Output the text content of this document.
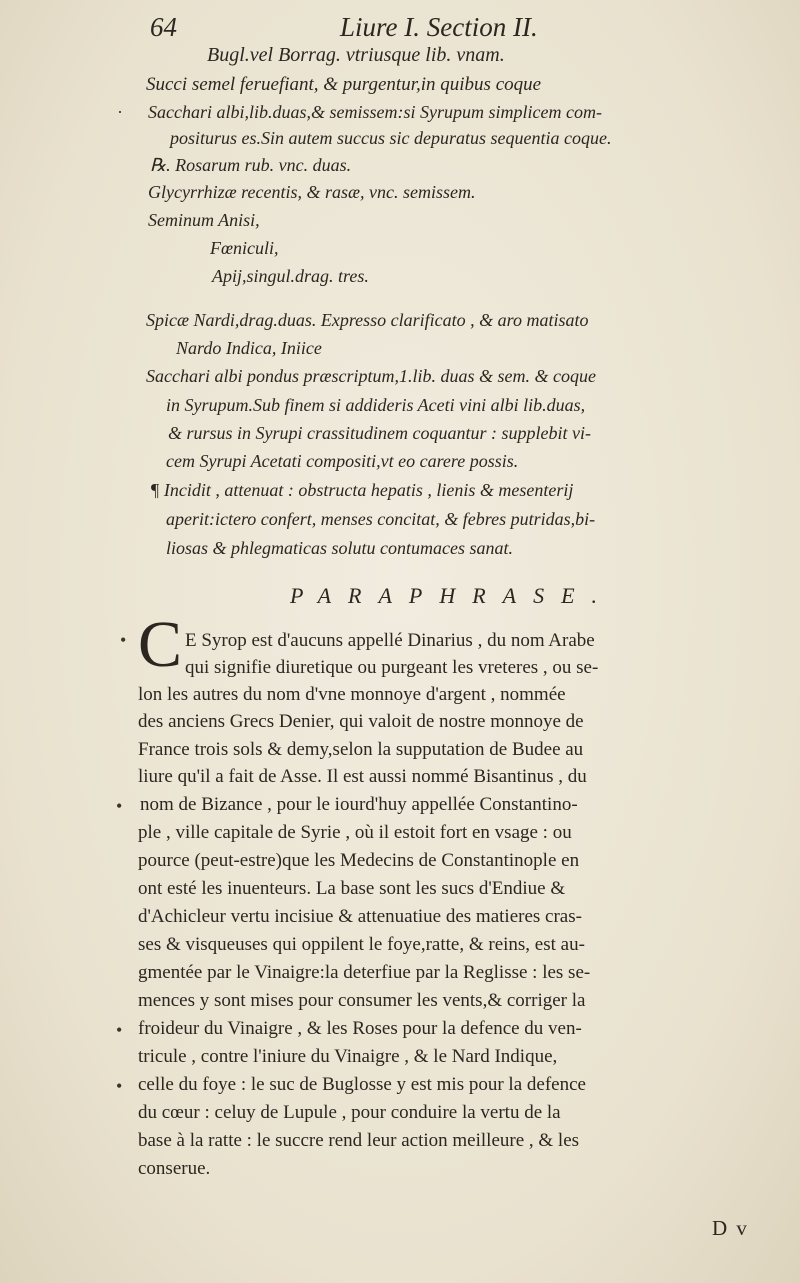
64	Liure I. Section II.
Bugl.vel Borrag. vtriusque lib. vnam.
Succi semel feruefiant, & purgentur,in quibus coque
Sacchari albi,lib.duas,& semissem:si Syrupum simplicem com-
positurus es.Sin autem succus sic depuratus sequentia coque.
℞. Rosarum rub. vnc. duas.
Glycyrrhizæ recentis, & rasæ, vnc. semissem.
Seminum Anisi,
Fœniculi,
Apij,singul.drag. tres.
Spicæ Nardi,drag.duas. Expresso clarificato , & aro matisato
Nardo Indica, Iniice
Sacchari albi pondus præscriptum,1.lib. duas & sem. & coque
in Syrupum.Sub finem si addideris Aceti vini albi lib.duas,
& rursus in Syrupi crassitudinem coquantur : supplebit vi-
cem Syrupi Acetati compositi,vt eo carere possis.
¶ Incidit , attenuat : obstructa hepatis , lienis & mesenterij
aperit:ictero confert, menses concitat, & febres putridas,bi-
liosas & phlegmaticas solutu contumaces sanat.
PARAPHRASE.
C E Syrop est d'aucuns appellé Dinarius , du nom Arabe
qui signifie diuretique ou purgeant les vreteres , ou se-
lon les autres du nom d'vne monnoye d'argent , nommée
des anciens Grecs Denier, qui valoit de nostre monnoye de
France trois sols & demy,selon la supputation de Budee au
liure qu'il a fait de Asse. Il est aussi nommé Bisantinus , du
nom de Bizance , pour le iourd'huy appellée Constantino-
ple , ville capitale de Syrie , où il estoit fort en vsage : ou
pource (peut-estre)que les Medecins de Constantinople en
ont esté les inuenteurs. La base sont les sucs d'Endiue &
d'Achicleur vertu incisiue & attenuatiue des matieres cras-
ses & visqueuses qui oppilent le foye,ratte, & reins, est au-
gmentée par le Vinaigre:la deterfiue par la Reglisse : les se-
mences y sont mises pour consumer les vents,& corriger la
froideur du Vinaigre , & les Roses pour la defence du ven-
tricule , contre l'iniure du Vinaigre , & le Nard Indique,
celle du foye : le suc de Buglosse y est mis pour la defence
du cœur : celuy de Lupule , pour conduire la vertu de la
base à la ratte : le succre rend leur action meilleure , & les
conserue.
D v
·
•
•
•
•
